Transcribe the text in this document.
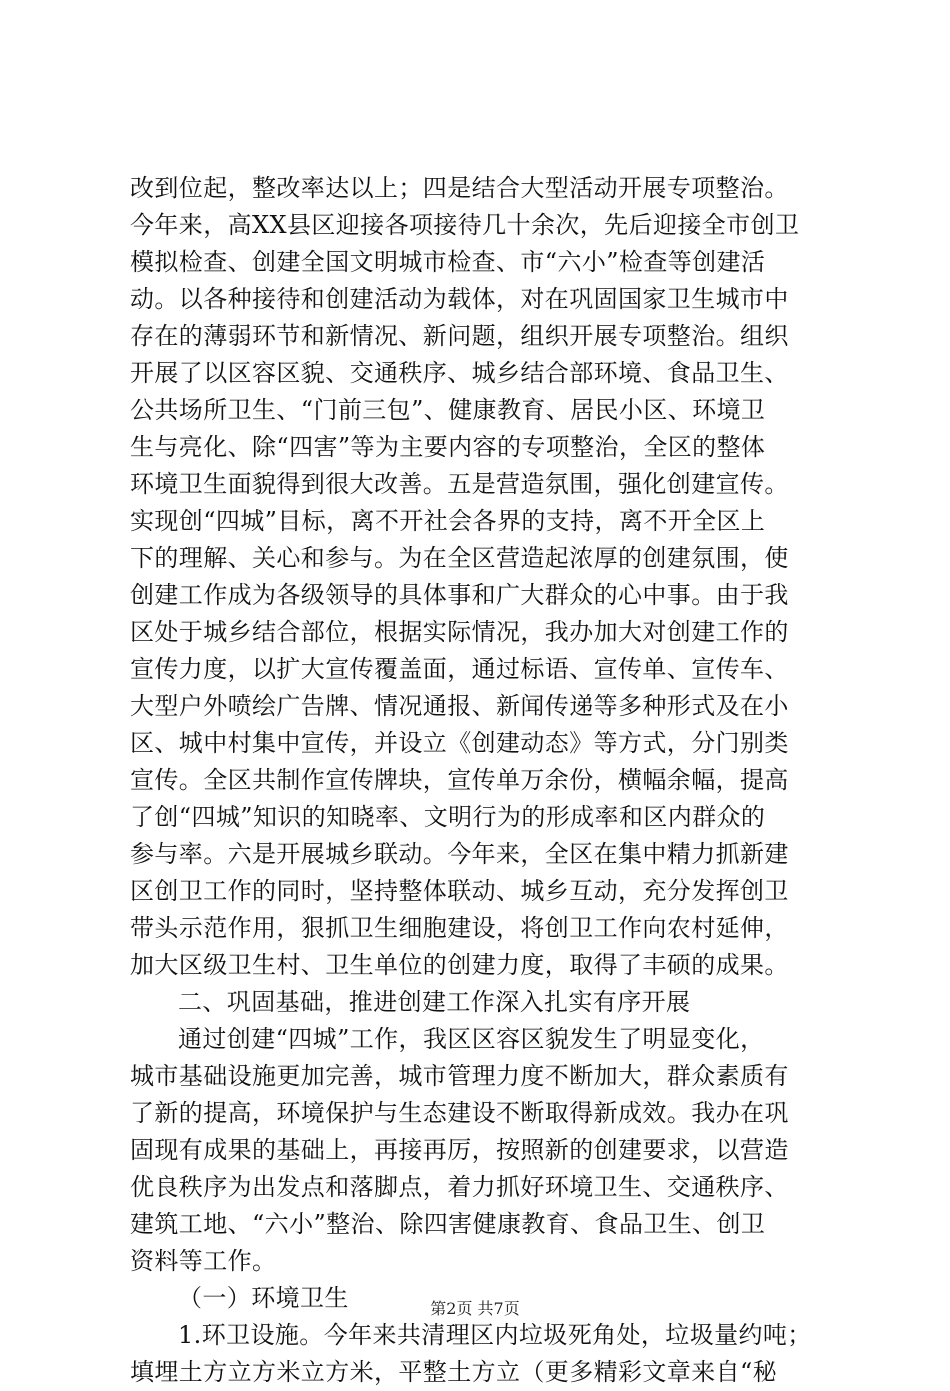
改到位起，整改率达以上；四是结合大型活动开展专项整治。
今年来，高XX县区迎接各项接待几十余次，先后迎接全市创卫
模拟检查、创建全国文明城市检查、市“六小”检查等创建活
动。以各种接待和创建活动为载体，对在巩固国家卫生城市中
存在的薄弱环节和新情况、新问题，组织开展专项整治。组织
开展了以区容区貌、交通秩序、城乡结合部环境、食品卫生、
公共场所卫生、“门前三包”、健康教育、居民小区、环境卫
生与亮化、除“四害”等为主要内容的专项整治，全区的整体
环境卫生面貌得到很大改善。五是营造氛围，强化创建宣传。
实现创“四城”目标，离不开社会各界的支持，离不开全区上
下的理解、关心和参与。为在全区营造起浓厚的创建氛围，使
创建工作成为各级领导的具体事和广大群众的心中事。由于我
区处于城乡结合部位，根据实际情况，我办加大对创建工作的
宣传力度，以扩大宣传覆盖面，通过标语、宣传单、宣传车、
大型户外喷绘广告牌、情况通报、新闻传递等多种形式及在小
区、城中村集中宣传，并设立《创建动态》等方式，分门别类
宣传。全区共制作宣传牌块，宣传单万余份，横幅余幅，提高
了创“四城”知识的知晓率、文明行为的形成率和区内群众的
参与率。六是开展城乡联动。今年来，全区在集中精力抓新建
区创卫工作的同时，坚持整体联动、城乡互动，充分发挥创卫
带头示范作用，狠抓卫生细胞建设，将创卫工作向农村延伸，
加大区级卫生村、卫生单位的创建力度，取得了丰硕的成果。
二、巩固基础，推进创建工作深入扎实有序开展
通过创建“四城”工作，我区区容区貌发生了明显变化，
城市基础设施更加完善，城市管理力度不断加大，群众素质有
了新的提高，环境保护与生态建设不断取得新成效。我办在巩
固现有成果的基础上，再接再厉，按照新的创建要求，以营造
优良秩序为出发点和落脚点，着力抓好环境卫生、交通秩序、
建筑工地、“六小”整治、除四害健康教育、食品卫生、创卫
资料等工作。
（一）环境卫生
1.环卫设施。今年来共清理区内垃圾死角处，垃圾量约吨；
填埋土方立方米立方米，平整土方立（更多精彩文章来自“秘
第2页 共7页
